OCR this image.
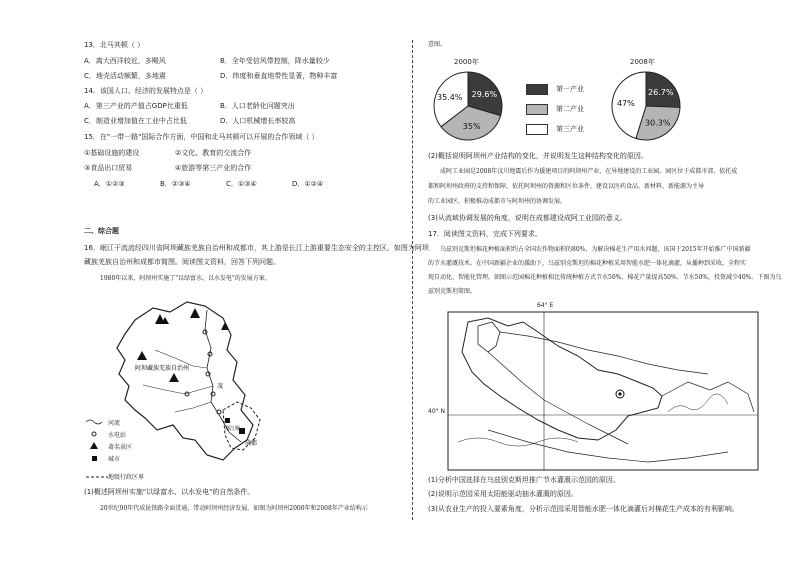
13．北马其顿（ ）
A．离大西洋较近，多飓风	B．全年受信风带控制，降水量较少
C．地壳活动频繁，多地震	D．纬度和垂直地带性显著，物种丰富
14．该国人口、经济的发展特点是（ ）
A．第三产业的产值占GDP比重低	B．人口老龄化问题突出
C．制造业增加值在工业中占比低	D．人口机械增长率较高
15．在"一带一路"国际合作方面，中国和北马其顿可以开展的合作领域（ ）
①基础设施的建设	②文化、教育的交流合作
③食品出口贸易	④旅游等第三产业的合作
A．①②③	B．②③④	C．①③④	D．①②④
二、综合题
16．岷江干流流经四川省阿坝藏族羌族自治州和成都市，其上游是长江上游重要生态安全的主控区。如图为阿坝
藏族羌族自治州和成都市简图。阅读图文资料，回答下列问题。
1980年以来，阿坝州实施了"以绿富水、以水发电"的发展方案。
阿坝藏族羌族自治州
茂
都江堰
成都
河流
水电站
著名景区
城市
地级行政区界
(1)概述阿坝州实施"以绿富水、以水发电"的自然条件。
20世纪90年代成昆铁路全面贯通，带动阿坝州经济发展。如图为阿坝州2000年和2008年产业结构示
意图。
2000年	2008年
29.6%
35%
35.4%
26.7%
30.3%
47%
第一产业
第二产业
第三产业
(2)概括说明阿坝州产业结构的变化，并说明发生这种结构变化的原因。
成阿工业园是2008年汶川地震后作为援建项目的阿坝州产业，在异地建设的工业园。园区位于成都市郊，依托成
都和阿坝州政府的支持和保障，依托阿坝州的资源和区位条件，建设以医药食品、新材料、新能源为主导
的工业园区，积极推动成都市与阿坝州的协调发展。
(3)从流域协调发展的角度，说明在成都建设成阿工业园的意义。
17．阅读图文资料，完成下列要求。
乌兹别克斯坦棉花种植面积约占全国农作物面积的80%，为解决棉花生产用水问题，该国于2015年开始推广中国新疆
的节水灌溉技术。在中国新疆企业的援助下，乌兹别克斯坦的棉花种植采用智能水肥一体化滴灌，从播种到采收，全程实
现自动化、智能化管理。如图示范园棉花种植相比传统种植方式节水50%，棉花产量提高50%、节水50%，投资减少40%。下图为乌
兹别克斯坦简图。
64° E
40° N
(1)分析中国选择在乌兹别克斯坦推广节水灌溉示范园的原因。
(2)说明示范园采用太阳能驱动抽水灌溉的原因。
(3)从农业生产的投入要素角度，分析示范园采用智能水肥一体化滴灌后对棉花生产成本的有利影响。
